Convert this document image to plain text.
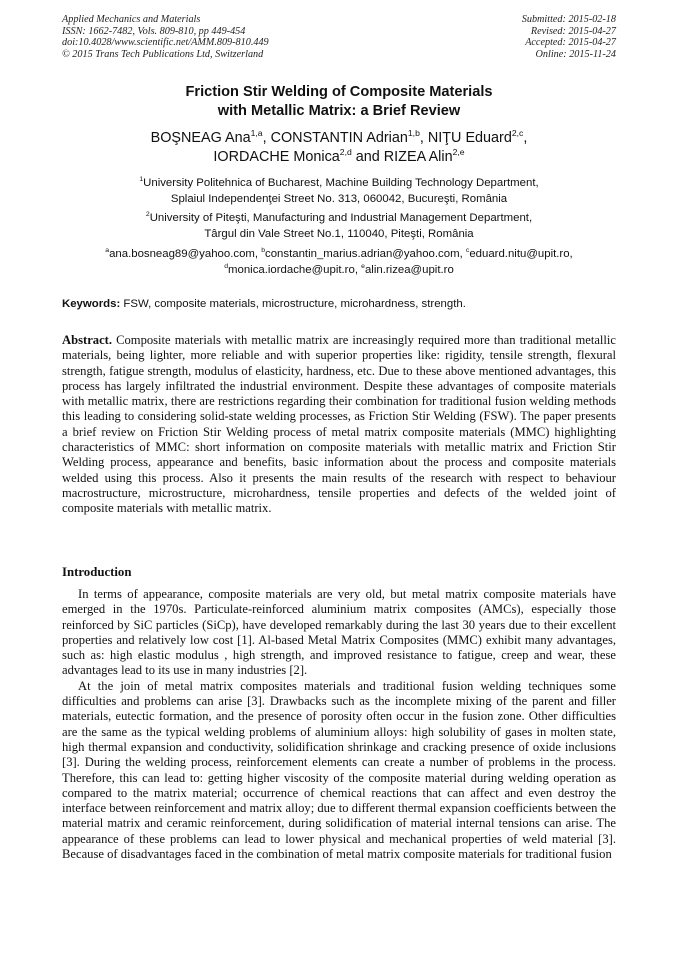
Applied Mechanics and Materials
ISSN: 1662-7482, Vols. 809-810, pp 449-454
doi:10.4028/www.scientific.net/AMM.809-810.449
© 2015 Trans Tech Publications Ltd, Switzerland
Submitted: 2015-02-18
Revised: 2015-04-27
Accepted: 2015-04-27
Online: 2015-11-24
Friction Stir Welding of Composite Materials
with Metallic Matrix: a Brief Review
BOŞNEAG Ana$^{1,a}$, CONSTANTIN Adrian$^{1,b}$, NIŢU Eduard$^{2,c}$,
IORDACHE Monica$^{2,d}$ and RIZEA Alin$^{2,e}$
$^1$University Politehnica of Bucharest, Machine Building Technology Department,
Splaiul Independenţei Street No. 313, 060042, Bucureşti, România
$^2$University of Piteşti, Manufacturing and Industrial Management Department,
Târgul din Vale Street No.1, 110040, Piteşti, România
$^a$ana.bosneag89@yahoo.com, $^b$constantin_marius.adrian@yahoo.com, $^c$eduard.nitu@upit.ro,
$^d$monica.iordache@upit.ro, $^e$alin.rizea@upit.ro
Keywords: FSW, composite materials, microstructure, microhardness, strength.
Abstract. Composite materials with metallic matrix are increasingly required more than traditional metallic materials, being lighter, more reliable and with superior properties like: rigidity, tensile strength, flexural strength, fatigue strength, modulus of elasticity, hardness, etc. Due to these above mentioned advantages, this process has largely infiltrated the industrial environment. Despite these advantages of composite materials with metallic matrix, there are restrictions regarding their combination for traditional fusion welding methods this leading to considering solid-state welding processes, as Friction Stir Welding (FSW). The paper presents a brief review on Friction Stir Welding process of metal matrix composite materials (MMC) highlighting characteristics of MMC: short information on composite materials with metallic matrix and Friction Stir Welding process, appearance and benefits, basic information about the process and composite materials welded using this process. Also it presents the main results of the research with respect to behaviour macrostructure, microstructure, microhardness, tensile properties and defects of the welded joint of composite materials with metallic matrix.
Introduction

In terms of appearance, composite materials are very old, but metal matrix composite materials have emerged in the 1970s. Particulate-reinforced aluminium matrix composites (AMCs), especially those reinforced by SiC particles (SiCp), have developed remarkably during the last 30 years due to their excellent properties and relatively low cost [1]. Al-based Metal Matrix Composites (MMC) exhibit many advantages, such as: high elastic modulus , high strength, and improved resistance to fatigue, creep and wear, these advantages lead to its use in many industries [2].

At the join of metal matrix composites materials and traditional fusion welding techniques some difficulties and problems can arise [3]. Drawbacks such as the incomplete mixing of the parent and filler materials, eutectic formation, and the presence of porosity often occur in the fusion zone. Other difficulties are the same as the typical welding problems of aluminium alloys: high solubility of gases in molten state, high thermal expansion and conductivity, solidification shrinkage and cracking presence of oxide inclusions [3]. During the welding process, reinforcement elements can create a number of problems in the process. Therefore, this can lead to: getting higher viscosity of the composite material during welding operation as compared to the matrix material; occurrence of chemical reactions that can affect and even destroy the interface between reinforcement and matrix alloy; due to different thermal expansion coefficients between the material matrix and ceramic reinforcement, during solidification of material internal tensions can arise. The appearance of these problems can lead to lower physical and mechanical properties of weld material [3]. Because of disadvantages faced in the combination of metal matrix composite materials for traditional fusion
